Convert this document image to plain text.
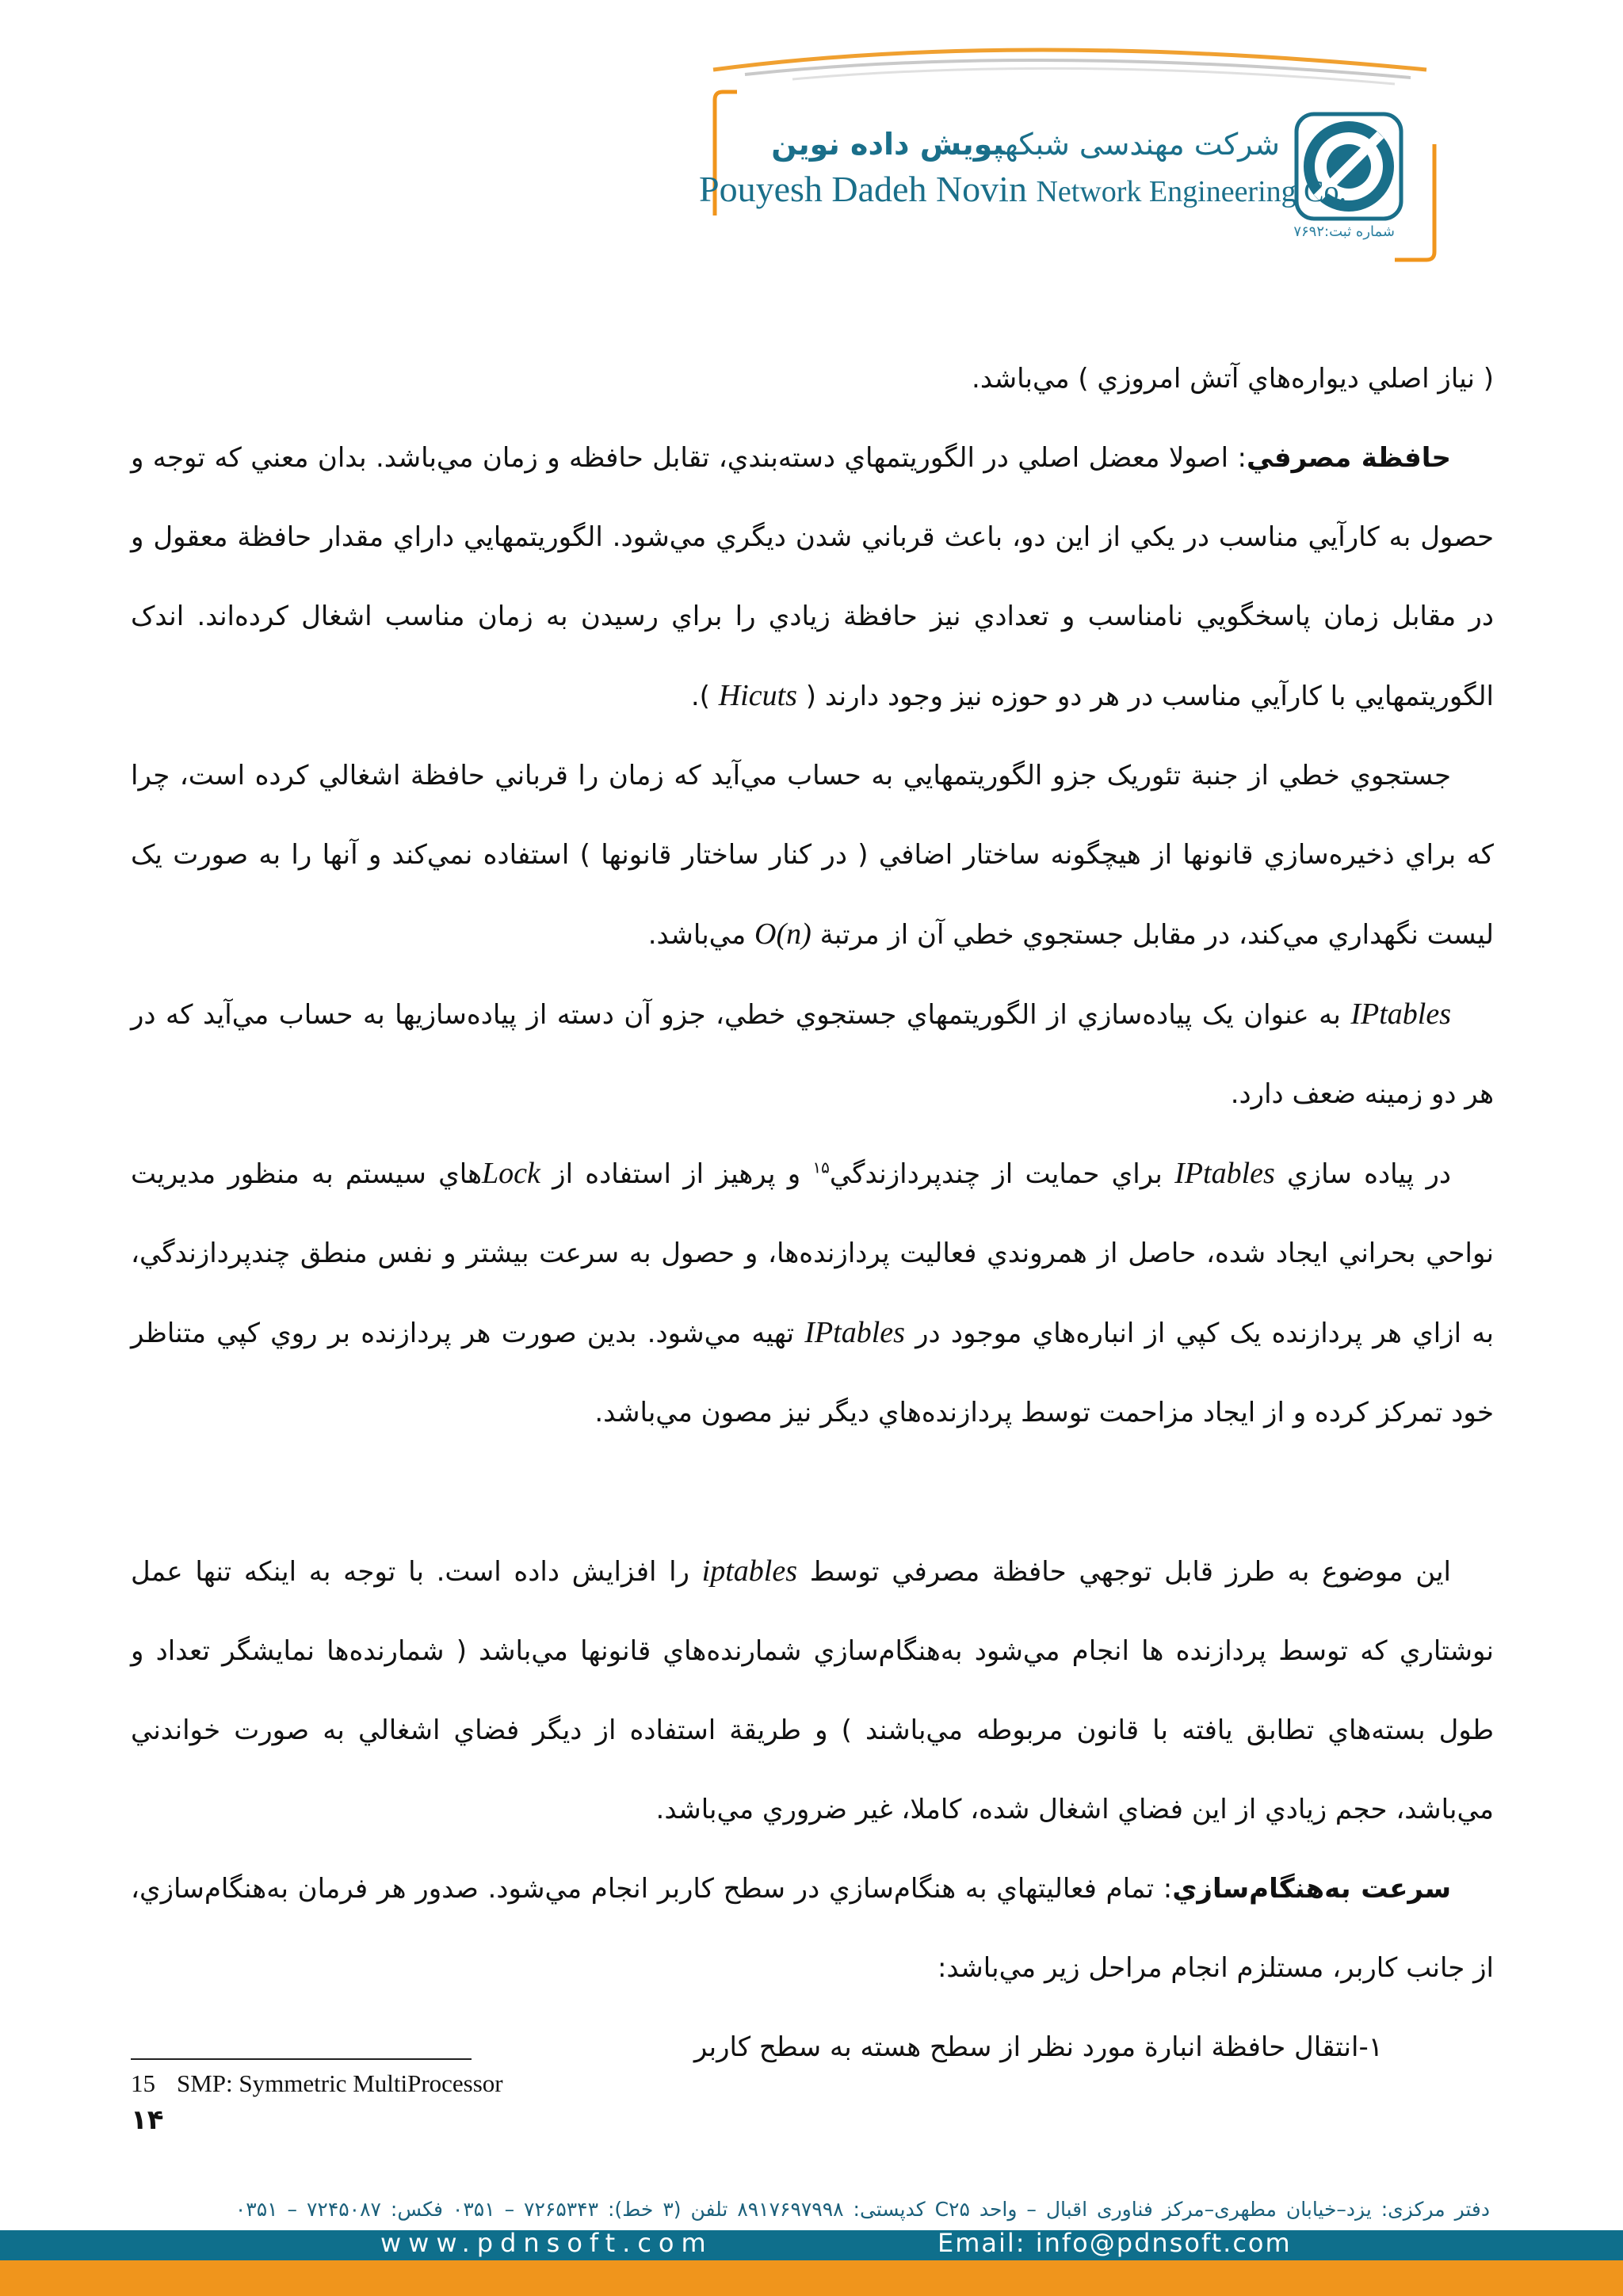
شرکت مهندسی شبکهپویش داده نوین
Pouyesh Dadeh Novin Network Engineering Co.
شماره ثبت:۷۶۹۲

( نياز اصلي ديواره‌هاي آتش امروزي ) مي‌باشد.

حافظة مصرفي: اصولا معضل اصلي در الگوريتمهاي دسته‌بندي، تقابل حافظه و زمان مي‌باشد. بدان معني كه توجه و حصول به كارآيي مناسب در يكي از اين دو، باعث قرباني شدن ديگري مي‌شود. الگوريتمهايي داراي مقدار حافظة معقول و در مقابل زمان پاسخگويي نامناسب و تعدادي نيز حافظة زيادي را براي رسيدن به زمان مناسب اشغال كرده‌اند. اندک الگوريتمهايي با كارآيي مناسب در هر دو حوزه نيز وجود دارند ( Hicuts ).

جستجوي خطي از جنبة تئوريک جزو الگوريتمهايي به حساب مي‌آيد كه زمان را قرباني حافظة اشغالي كرده است، چرا كه براي ذخيره‌سازي قانونها از هيچگونه ساختار اضافي ( در كنار ساختار قانونها ) استفاده نمي‌كند و آنها را به صورت يک ليست نگهداري مي‌كند، در مقابل جستجوي خطي آن از مرتبة O(n) مي‌باشد.

IPtables به عنوان يک پياده‌سازي از الگوريتمهاي جستجوي خطي، جزو آن دسته از پياده‌سازيها به حساب مي‌آيد كه در هر دو زمينه ضعف دارد.

در پياده سازي IPtables براي حمايت از چندپردازندگي$^{۱۵}$ و پرهيز از استفاده از Lockهاي سيستم به منظور مديريت نواحي بحراني ايجاد شده، حاصل از همروندي فعاليت پردازنده‌ها، و حصول به سرعت بيشتر و نفس منطق چندپردازندگي، به ازاي هر پردازنده يک كپي از انباره‌هاي موجود در IPtables تهيه مي‌شود. بدين صورت هر پردازنده بر روي كپي متناظر خود تمركز كرده و از ايجاد مزاحمت توسط پردازنده‌هاي ديگر نيز مصون مي‌باشد.

اين موضوع به طرز قابل توجهي حافظة مصرفي توسط iptables را افزايش داده است. با توجه به اينكه تنها عمل نوشتاري كه توسط پردازنده ها انجام مي‌شود به‌هنگام‌سازي شمارنده‌هاي قانونها مي‌باشد ( شمارنده‌ها نمايشگر تعداد و طول بسته‌هاي تطابق يافته با قانون مربوطه مي‌باشند ) و طريقة استفاده از ديگر فضاي اشغالي به صورت خواندني مي‌باشد، حجم زيادي از اين فضاي اشغال شده، كاملا، غير ضروري مي‌باشد.

سرعت به‌هنگام‌سازي: تمام فعاليتهاي به هنگام‌سازي در سطح كاربر انجام مي‌شود. صدور هر فرمان به‌هنگام‌سازي، از جانب كاربر، مستلزم انجام مراحل زير مي‌باشد:

۱-انتقال حافظة انبارة مورد نظر از سطح هسته به سطح كاربر

15 SMP: Symmetric MultiProcessor
۱۴
دفتر مرکزی: یزد–خیابان مطهری–مرکز فناوری اقبال – واحد C۲۵ کدپستی: ۸۹۱۷۶۹۷۹۹۸ تلفن (۳ خط): ۷۲۶۵۳۴۳ – ۰۳۵۱ فکس: ۷۲۴۵۰۸۷ – ۰۳۵۱
www.pdnsoft.com	Email: info@pdnsoft.com
